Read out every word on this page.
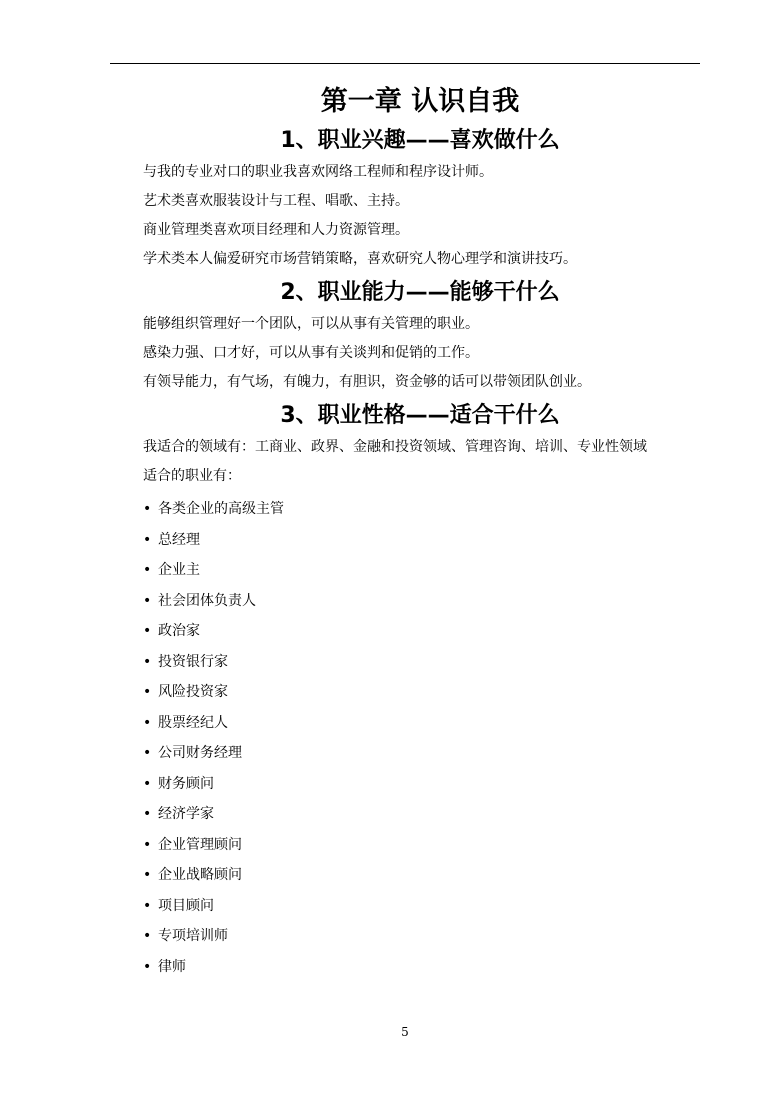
第一章 认识自我
1、职业兴趣——喜欢做什么

与我的专业对口的职业我喜欢网络工程师和程序设计师。

艺术类喜欢服装设计与工程、唱歌、主持。

商业管理类喜欢项目经理和人力资源管理。

学术类本人偏爱研究市场营销策略，喜欢研究人物心理学和演讲技巧。

2、职业能力——能够干什么

能够组织管理好一个团队，可以从事有关管理的职业。

感染力强、口才好，可以从事有关谈判和促销的工作。

有领导能力，有气场，有魄力，有胆识，资金够的话可以带领团队创业。

3、职业性格——适合干什么

我适合的领域有：工商业、政界、金融和投资领域、管理咨询、培训、专业性领域

适合的职业有：

• 各类企业的高级主管
• 总经理
• 企业主
• 社会团体负责人
• 政治家
• 投资银行家
• 风险投资家
• 股票经纪人
• 公司财务经理
• 财务顾问
• 经济学家
• 企业管理顾问
• 企业战略顾问
• 项目顾问
• 专项培训师
• 律师
5
